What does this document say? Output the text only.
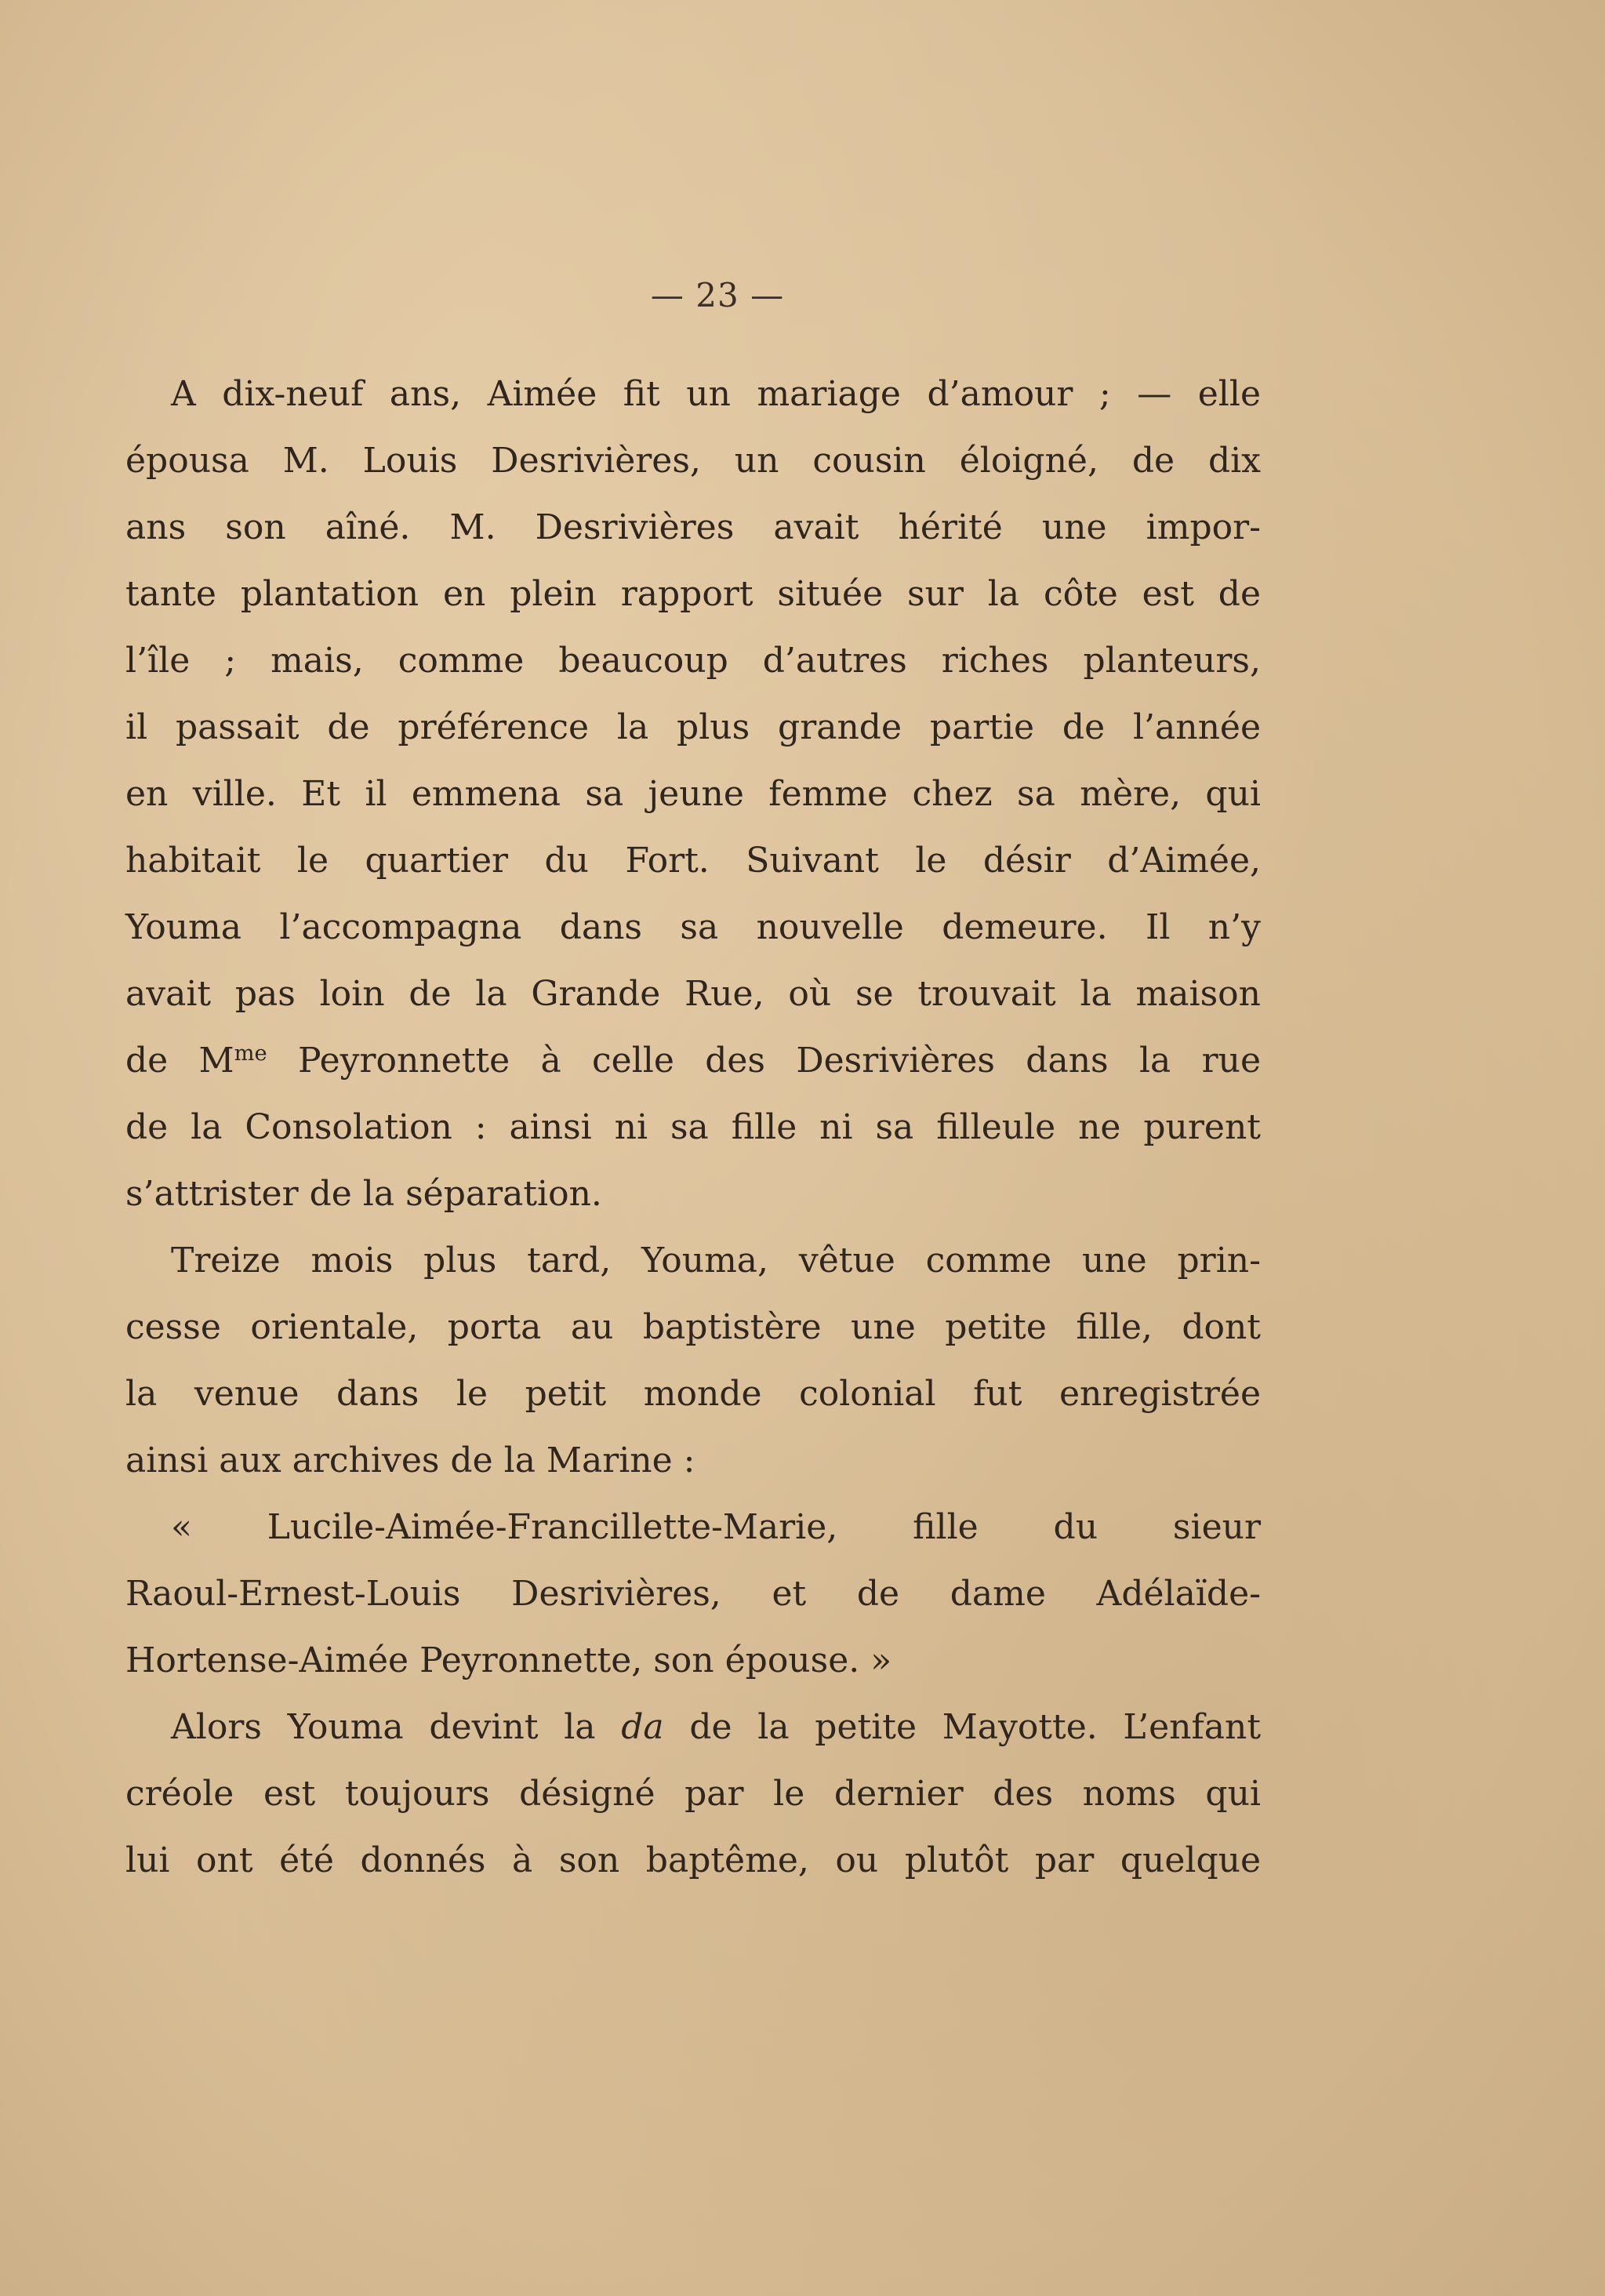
— 23 —
A dix-neuf ans, Aimée fit un mariage d’amour ; — elle
épousa M. Louis Desrivières, un cousin éloigné, de dix
ans son aîné. M. Desrivières avait hérité une impor-
tante plantation en plein rapport située sur la côte est de
l’île ; mais, comme beaucoup d’autres riches planteurs,
il passait de préférence la plus grande partie de l’année
en ville. Et il emmena sa jeune femme chez sa mère, qui
habitait le quartier du Fort. Suivant le désir d’Aimée,
Youma l’accompagna dans sa nouvelle demeure. Il n’y
avait pas loin de la Grande Rue, où se trouvait la maison
de $M^{me}$ Peyronnette à celle des Desrivières dans la rue
de la Consolation : ainsi ni sa fille ni sa filleule ne purent
s’attrister de la séparation.
Treize mois plus tard, Youma, vêtue comme une prin-
cesse orientale, porta au baptistère une petite fille, dont
la venue dans le petit monde colonial fut enregistrée
ainsi aux archives de la Marine :
« Lucile-Aimée-Francillette-Marie, fille du sieur
Raoul-Ernest-Louis Desrivières, et de dame Adélaïde-
Hortense-Aimée Peyronnette, son épouse. »
Alors Youma devint la da de la petite Mayotte. L’enfant
créole est toujours désigné par le dernier des noms qui
lui ont été donnés à son baptême, ou plutôt par quelque
